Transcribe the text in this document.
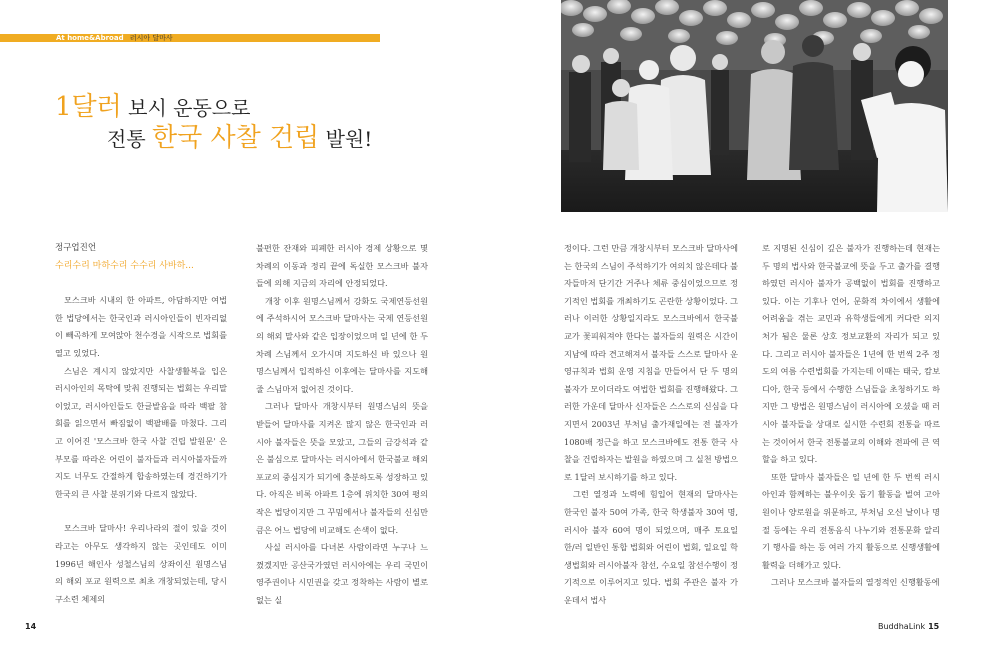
At home&Abroad 러시아 달마사
1달러 보시 운동으로
전통 한국 사찰 건립 발원!
정구업진언
수리수리 마하수리 수수리 사바하...

모스크바 시내의 한 아파트, 아담하지만 여법한 법당에서는 한국인과 러시아인들이 빈자리없이 빼곡하게 모여앉아 천수경을 시작으로 법회를 열고 있었다.

스님은 계시지 않았지만 사찰생활복을 입은 러시아인의 목탁에 맞춰 진행되는 법회는 우리말이었고, 러시아인들도 한글발음을 따라 백팔 참회를 읽으면서 빠짐없이 백팔배를 마쳤다. 그리고 이어진 '모스크바 한국 사찰 건립 발원문' 은 부모를 따라온 어린이 불자들과 러시아불자들까지도 너무도 간절하게 합송하였는데 경건하기가 한국의 큰 사찰 분위기와 다르지 않았다.

모스크바 달마사! 우리나라의 절이 있을 것이라고는 아무도 생각하지 않는 곳인데도 이미 1996년 해인사 성철스님의 상좌이신 원명스님의 해외 포교 원력으로 최초 개창되었는데, 당시 구소련 체제의

불편한 잔재와 피폐한 러시아 경제 상황으로 몇 차례의 이동과 정리 끝에 독실한 모스크바 불자들에 의해 지금의 자리에 안정되었다.

개창 이후 원명스님께서 강화도 국제연등선원에 주석하시어 모스크바 달마사는 국제 연등선원의 해외 말사와 같은 입장이었으며 일 년에 한 두 차례 스님께서 오가시며 지도하신 바 있으나 원명스님께서 입적하신 이후에는 달마사를 지도해줄 스님마저 없어진 것이다.

그러나 달마사 개창시부터 원명스님의 뜻을 받들어 달마사를 지켜온 많지 않은 한국인과 러시아 불자들은 뜻을 모았고, 그들의 금강석과 같은 불심으로 달마사는 러시아에서 한국불교 해외포교의 중심지가 되기에 충분하도록 성장하고 있다. 아직은 비록 아파트 1층에 위치한 30여 평의 작은 법당이지만 그 꾸밈에서나 불자들의 신심만큼은 어느 법당에 비교해도 손색이 없다.

사실 러시아를 다녀본 사람이라면 누구나 느꼈겠지만 공산국가였던 러시아에는 우리 국민이 영주권이나 시민권을 갖고 정착하는 사람이 별로 없는 실

정이다. 그런 만큼 개창시부터 모스크바 달마사에는 한국의 스님이 주석하기가 여의치 않은데다 불자들마저 단기간 거주나 체류 중심이었으므로 정기적인 법회를 개최하기도 곤란한 상황이었다. 그러나 이러한 상황일지라도 모스크바에서 한국불교가 꽃피워져야 한다는 불자들의 원력은 시간이 지남에 따라 견고해져서 불자들 스스로 달마사 운영규칙과 법회 운영 지침을 만들어서 단 두 명의 불자가 모이더라도 여법한 법회를 진행해왔다. 그러한 가운데 달마사 신자들은 스스로의 신심을 다지면서 2003년 부처님 출가재일에는 전 불자가 1080배 정근을 하고 모스크바에도 전통 한국 사찰을 건립하자는 발원을 하였으며 그 실천 방법으로 1달러 보시하기를 하고 있다.

그런 열정과 노력에 힘입어 현재의 달마사는 한국인 불자 50여 가족, 한국 학생불자 30여 명, 러시아 불자 60여 명이 되었으며, 매주 토요일 한/러 일반인 통합 법회와 어린이 법회, 일요일 학생법회와 러시아불자 참선, 수요일 참선수행이 정기적으로 이루어지고 있다. 법회 주관은 불자 가운데서 법사

로 지명된 신심이 깊은 불자가 진행하는데 현재는 두 명의 법사와 한국불교에 뜻을 두고 출가를 결행하였던 러시아 불자가 공백없이 법회를 진행하고 있다. 이는 기후나 언어, 문화적 차이에서 생활에 어려움을 겪는 교민과 유학생들에게 커다란 의지처가 됨은 물론 상호 정보교환의 자리가 되고 있다. 그리고 러시아 불자들은 1년에 한 번씩 2주 정도의 여름 수련법회를 가지는데 이때는 태국, 캄보디아, 한국 등에서 수행한 스님들을 초청하기도 하지만 그 방법은 원명스님이 러시아에 오셨을 때 러시아 불자들을 상대로 실시한 수련회 전통을 따르는 것이어서 한국 전통불교의 이해와 전파에 큰 역할을 하고 있다.

또한 달마사 불자들은 일 년에 한 두 번씩 러시아인과 함께하는 불우이웃 돕기 활동을 벌여 고아원이나 양로원을 위문하고, 부처님 오신 날이나 명절 등에는 우리 전통음식 나누기와 전통문화 알리기 행사를 하는 등 여러 가지 활동으로 신행생활에 활력을 더해가고 있다.

그러나 모스크바 불자들의 열정적인 신행활동에

14	BuddhaLink 15
